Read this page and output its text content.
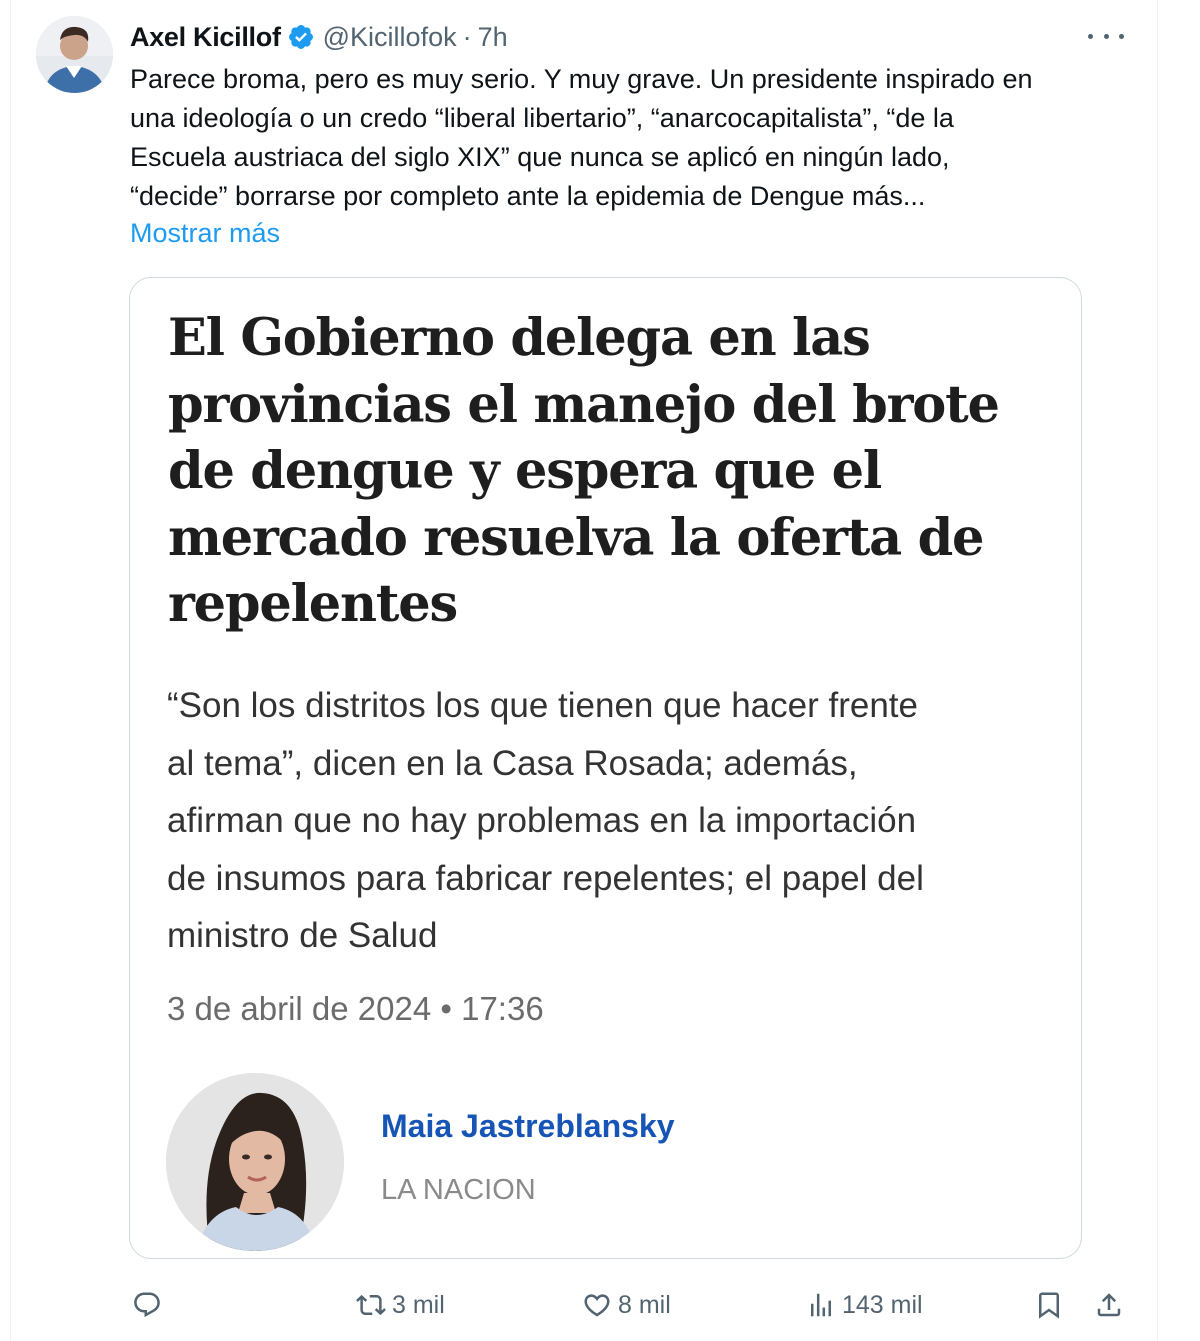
Axel Kicillof @Kicillofok · 7h
Parece broma, pero es muy serio. Y muy grave. Un presidente inspirado en
una ideología o un credo “liberal libertario”, “anarcocapitalista”, “de la
Escuela austriaca del siglo XIX” que nunca se aplicó en ningún lado,
“decide” borrarse por completo ante la epidemia de Dengue más...
Mostrar más
El Gobierno delega en las
provincias el manejo del brote
de dengue y espera que el
mercado resuelva la oferta de
repelentes
“Son los distritos los que tienen que hacer frente
al tema”, dicen en la Casa Rosada; además,
afirman que no hay problemas en la importación
de insumos para fabricar repelentes; el papel del
ministro de Salud
3 de abril de 2024 • 17:36
Maia Jastreblansky
LA NACION
3 mil	8 mil	143 mil
